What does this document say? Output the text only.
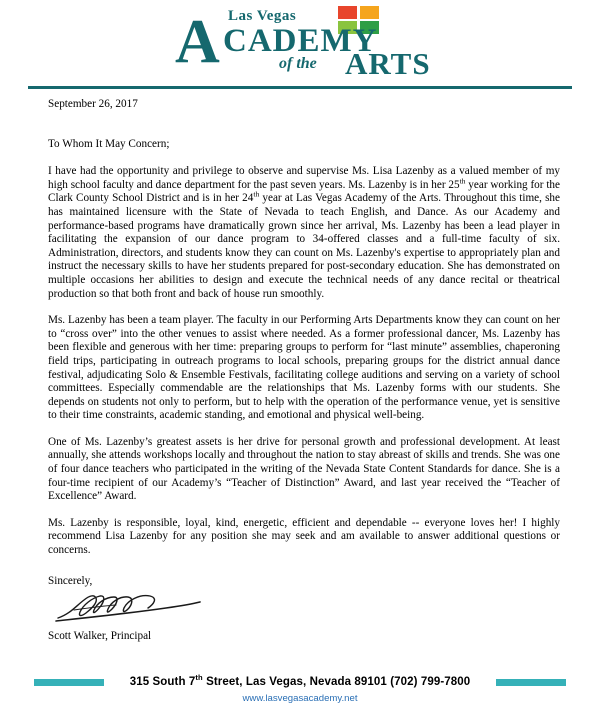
Las Vegas
A CADEMY
of the ARTS
September 26, 2017
To Whom It May Concern;

I have had the opportunity and privilege to observe and supervise Ms. Lisa Lazenby as a valued member of my high school faculty and dance department for the past seven years. Ms. Lazenby is in her 25th year working for the Clark County School District and is in her 24th year at Las Vegas Academy of the Arts. Throughout this time, she has maintained licensure with the State of Nevada to teach English, and Dance. As our Academy and performance-based programs have dramatically grown since her arrival, Ms. Lazenby has been a lead player in facilitating the expansion of our dance program to 34-offered classes and a full-time faculty of six. Administration, directors, and students know they can count on Ms. Lazenby's expertise to appropriately plan and instruct the necessary skills to have her students prepared for post-secondary education. She has demonstrated on multiple occasions her abilities to design and execute the technical needs of any dance recital or theatrical production so that both front and back of house run smoothly.

Ms. Lazenby has been a team player. The faculty in our Performing Arts Departments know they can count on her to “cross over” into the other venues to assist where needed. As a former professional dancer, Ms. Lazenby has been flexible and generous with her time: preparing groups to perform for “last minute” assemblies, chaperoning field trips, participating in outreach programs to local schools, preparing groups for the district annual dance festival, adjudicating Solo & Ensemble Festivals, facilitating college auditions and serving on a variety of school committees. Especially commendable are the relationships that Ms. Lazenby forms with our students. She depends on students not only to perform, but to help with the operation of the performance venue, yet is sensitive to their time constraints, academic standing, and emotional and physical well-being.

One of Ms. Lazenby’s greatest assets is her drive for personal growth and professional development. At least annually, she attends workshops locally and throughout the nation to stay abreast of skills and trends. She was one of four dance teachers who participated in the writing of the Nevada State Content Standards for dance. She is a four-time recipient of our Academy’s “Teacher of Distinction” Award, and last year received the “Teacher of Excellence” Award.

Ms. Lazenby is responsible, loyal, kind, energetic, efficient and dependable -- everyone loves her! I highly recommend Lisa Lazenby for any position she may seek and am available to answer additional questions or concerns.

Sincerely,
Scott Walker, Principal
315 South 7th Street, Las Vegas, Nevada 89101 (702) 799-7800
www.lasvegasacademy.net
